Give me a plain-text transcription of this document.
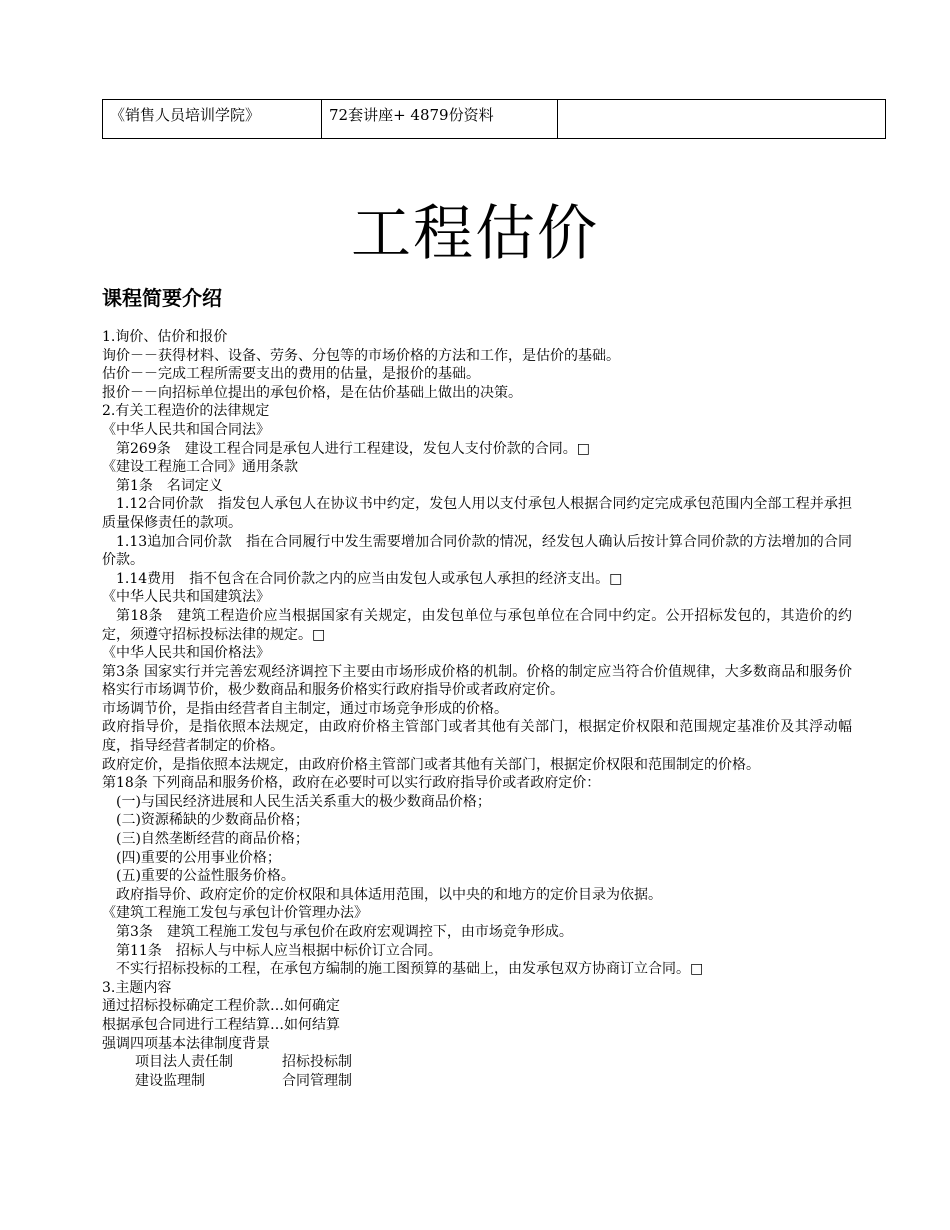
《销售人员培训学院》	72套讲座+ 4879份资料	
工程估价
课程简要介绍

1.询价、估价和报价

询价－－获得材料、设备、劳务、分包等的市场价格的方法和工作，是估价的基础。

估价－－完成工程所需要支出的费用的估量，是报价的基础。

报价－－向招标单位提出的承包价格，是在估价基础上做出的决策。

2.有关工程造价的法律规定

《中华人民共和国合同法》

第269条　建设工程合同是承包人进行工程建设，发包人支付价款的合同。□

《建设工程施工合同》通用条款

第1条　名词定义

1.12合同价款　指发包人承包人在协议书中约定，发包人用以支付承包人根据合同约定完成承包范围内全部工程并承担质量保修责任的款项。

1.13追加合同价款　指在合同履行中发生需要增加合同价款的情况，经发包人确认后按计算合同价款的方法增加的合同价款。

1.14费用　指不包含在合同价款之内的应当由发包人或承包人承担的经济支出。□

《中华人民共和国建筑法》

第18条　建筑工程造价应当根据国家有关规定，由发包单位与承包单位在合同中约定。公开招标发包的，其造价的约定，须遵守招标投标法律的规定。□

《中华人民共和国价格法》

第3条 国家实行并完善宏观经济调控下主要由市场形成价格的机制。价格的制定应当符合价值规律，大多数商品和服务价格实行市场调节价，极少数商品和服务价格实行政府指导价或者政府定价。

市场调节价，是指由经营者自主制定，通过市场竞争形成的价格。

政府指导价，是指依照本法规定，由政府价格主管部门或者其他有关部门，根据定价权限和范围规定基准价及其浮动幅度，指导经营者制定的价格。

政府定价，是指依照本法规定，由政府价格主管部门或者其他有关部门，根据定价权限和范围制定的价格。

第18条 下列商品和服务价格，政府在必要时可以实行政府指导价或者政府定价：

(一)与国民经济进展和人民生活关系重大的极少数商品价格；

(二)资源稀缺的少数商品价格；

(三)自然垄断经营的商品价格；

(四)重要的公用事业价格；

(五)重要的公益性服务价格。

政府指导价、政府定价的定价权限和具体适用范围，以中央的和地方的定价目录为依据。

《建筑工程施工发包与承包计价管理办法》

第3条　建筑工程施工发包与承包价在政府宏观调控下，由市场竞争形成。

第11条　招标人与中标人应当根据中标价订立合同。

不实行招标投标的工程，在承包方编制的施工图预算的基础上，由发承包双方协商订立合同。□

3.主题内容

通过招标投标确定工程价款…如何确定

根据承包合同进行工程结算…如何结算

强调四项基本法律制度背景

项目法人责任制	招标投标制
建设监理制	合同管理制
